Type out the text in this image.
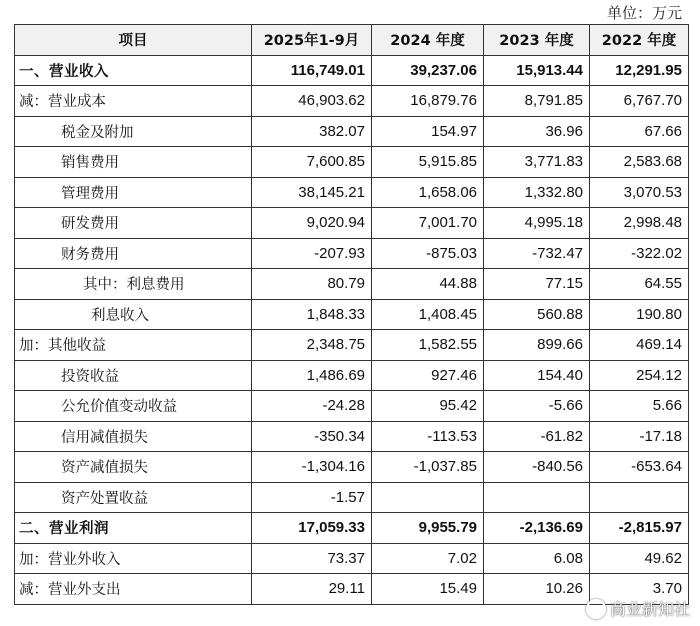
单位：万元
项目	2025年1-9月	2024 年度	2023 年度	2022 年度
一、营业收入	116,749.01	39,237.06	15,913.44	12,291.95
减：营业成本	46,903.62	16,879.76	8,791.85	6,767.70
税金及附加	382.07	154.97	36.96	67.66
销售费用	7,600.85	5,915.85	3,771.83	2,583.68
管理费用	38,145.21	1,658.06	1,332.80	3,070.53
研发费用	9,020.94	7,001.70	4,995.18	2,998.48
财务费用	-207.93	-875.03	-732.47	-322.02
其中：利息费用	80.79	44.88	77.15	64.55
利息收入	1,848.33	1,408.45	560.88	190.80
加：其他收益	2,348.75	1,582.55	899.66	469.14
投资收益	1,486.69	927.46	154.40	254.12
公允价值变动收益	-24.28	95.42	-5.66	5.66
信用减值损失	-350.34	-113.53	-61.82	-17.18
资产减值损失	-1,304.16	-1,037.85	-840.56	-653.64
资产处置收益	-1.57			
二、营业利润	17,059.33	9,955.79	-2,136.69	-2,815.97
加：营业外收入	73.37	7.02	6.08	49.62
减：营业外支出	29.11	15.49	10.26	3.70
商业新知社
